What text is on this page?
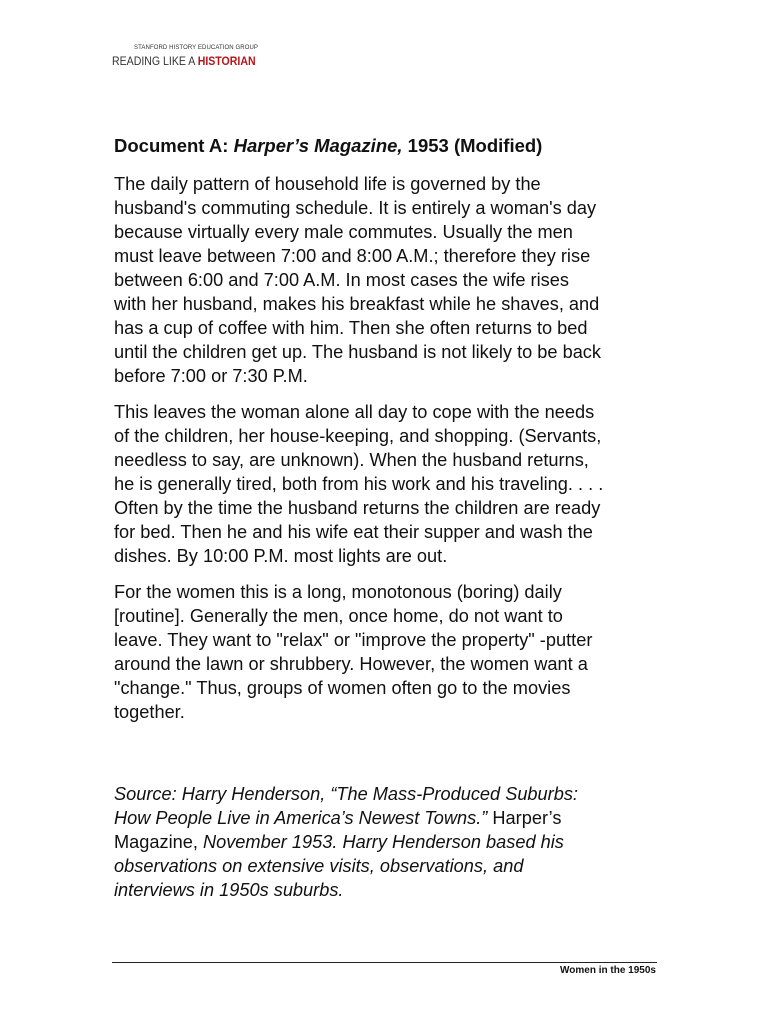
STANFORD HISTORY EDUCATION GROUP
READING LIKE A HISTORIAN
Document A: Harper’s Magazine, 1953 (Modified)

The daily pattern of household life is governed by the
husband's commuting schedule. It is entirely a woman's day
because virtually every male commutes. Usually the men
must leave between 7:00 and 8:00 A.M.; therefore they rise
between 6:00 and 7:00 A.M. In most cases the wife rises
with her husband, makes his breakfast while he shaves, and
has a cup of coffee with him. Then she often returns to bed
until the children get up. The husband is not likely to be back
before 7:00 or 7:30 P.M.

This leaves the woman alone all day to cope with the needs
of the children, her house-keeping, and shopping. (Servants,
needless to say, are unknown). When the husband returns,
he is generally tired, both from his work and his traveling. . . .
Often by the time the husband returns the children are ready
for bed. Then he and his wife eat their supper and wash the
dishes. By 10:00 P.M. most lights are out.

For the women this is a long, monotonous (boring) daily
[routine]. Generally the men, once home, do not want to
leave. They want to "relax" or "improve the property" -putter
around the lawn or shrubbery. However, the women want a
"change." Thus, groups of women often go to the movies
together.

Source: Harry Henderson, “The Mass-Produced Suburbs:
How People Live in America’s Newest Towns.” Harper’s
Magazine, November 1953. Harry Henderson based his
observations on extensive visits, observations, and
interviews in 1950s suburbs.

Women in the 1950s
